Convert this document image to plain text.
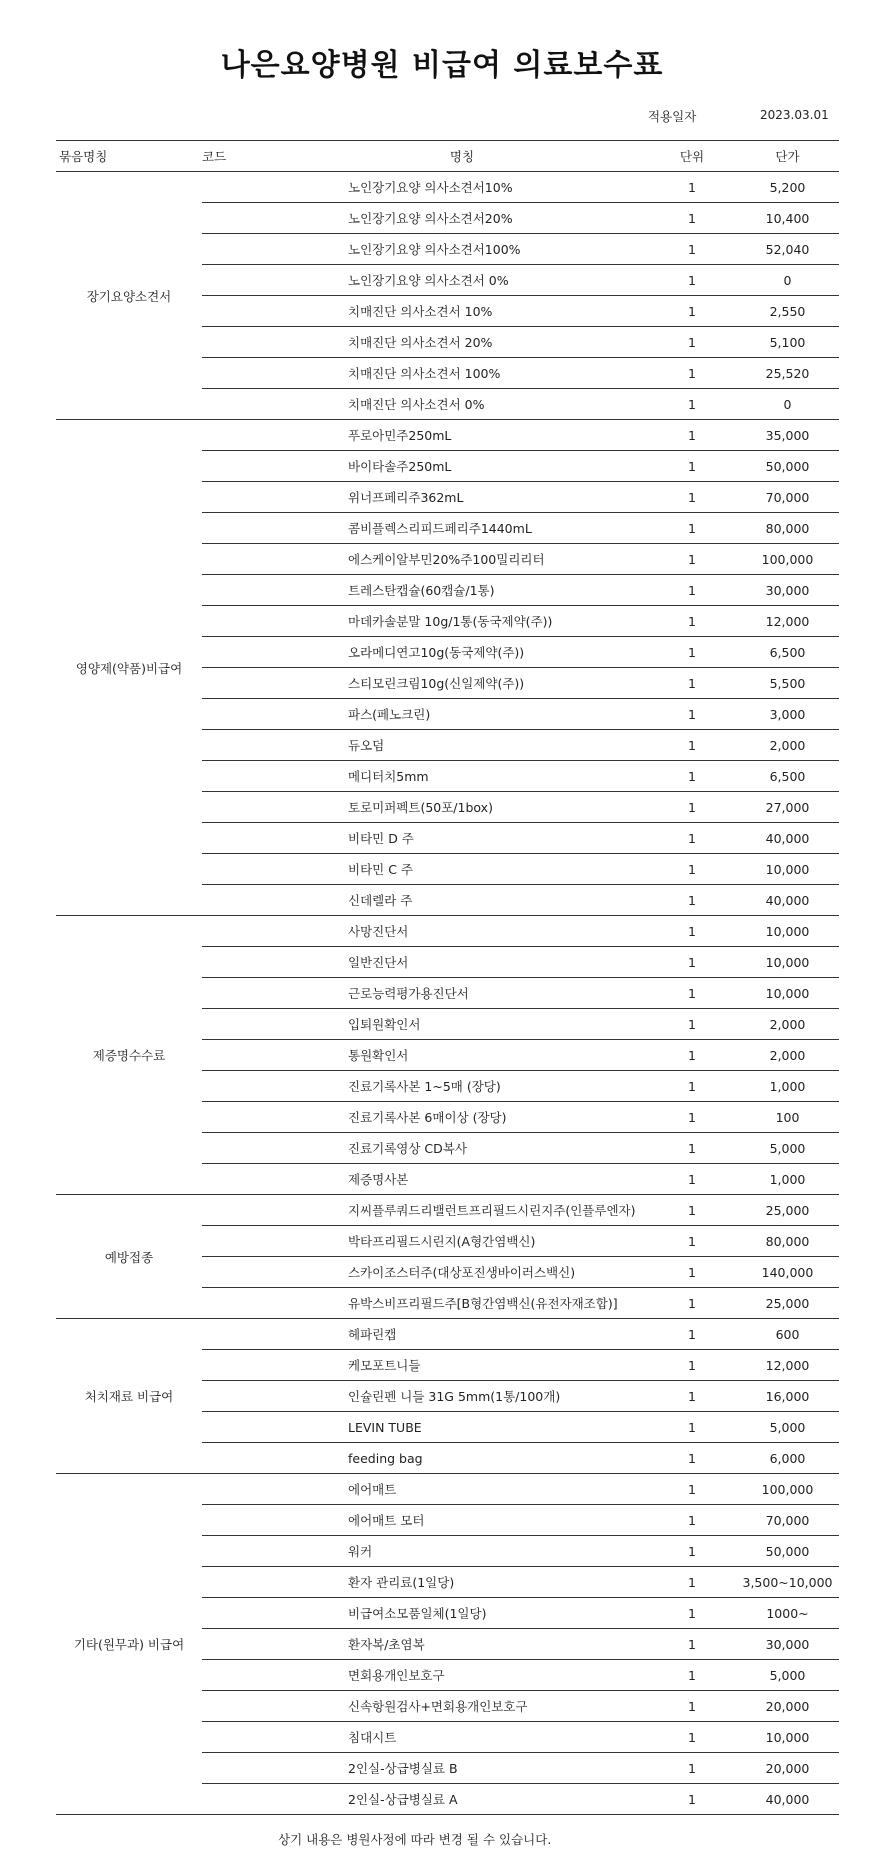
나은요양병원 비급여 의료보수표
적용일자	2023.03.01
묶음명칭	코드	명칭	단위	단가
장기요양소견서		노인장기요양 의사소견서10%	1	5,200
	노인장기요양 의사소견서20%	1	10,400
	노인장기요양 의사소견서100%	1	52,040
	노인장기요양 의사소견서 0%	1	0
	치매진단 의사소견서 10%	1	2,550
	치매진단 의사소견서 20%	1	5,100
	치매진단 의사소견서 100%	1	25,520
	치매진단 의사소견서 0%	1	0
영양제(약품)비급여		푸로아민주250mL	1	35,000
	바이타솔주250mL	1	50,000
	위너프페리주362mL	1	70,000
	콤비플렉스리피드페리주1440mL	1	80,000
	에스케이알부민20%주100밀리리터	1	100,000
	트레스탄캡슐(60캡슐/1통)	1	30,000
	마데카솔분말 10g/1통(동국제약(주))	1	12,000
	오라메디연고10g(동국제약(주))	1	6,500
	스티모린크림10g(신일제약(주))	1	5,500
	파스(페노크린)	1	3,000
	듀오덤	1	2,000
	메디터치5mm	1	6,500
	토로미퍼펙트(50포/1box)	1	27,000
	비타민 D 주	1	40,000
	비타민 C 주	1	10,000
	신데렐라 주	1	40,000
제증명수수료		사망진단서	1	10,000
	일반진단서	1	10,000
	근로능력평가용진단서	1	10,000
	입퇴원확인서	1	2,000
	통원확인서	1	2,000
	진료기록사본 1~5매 (장당)	1	1,000
	진료기록사본 6매이상 (장당)	1	100
	진료기록영상 CD복사	1	5,000
	제증명사본	1	1,000
예방접종		지씨플루쿼드리밸런트프리필드시린지주(인플루엔자)	1	25,000
	박타프리필드시린지(A형간염백신)	1	80,000
	스카이조스터주(대상포진생바이러스백신)	1	140,000
	유박스비프리필드주[B형간염백신(유전자재조합)]	1	25,000
처치재료 비급여		헤파린캡	1	600
	케모포트니들	1	12,000
	인슐린펜 니들 31G 5mm(1통/100개)	1	16,000
	LEVIN TUBE	1	5,000
	feeding bag	1	6,000
기타(원무과) 비급여		에어매트	1	100,000
	에어매트 모터	1	70,000
	워커	1	50,000
	환자 관리료(1일당)	1	3,500~10,000
	비급여소모품일체(1일당)	1	1000~
	환자복/초염복	1	30,000
	면회용개인보호구	1	5,000
	신속항원검사+면회용개인보호구	1	20,000
	침대시트	1	10,000
	2인실-상급병실료 B	1	20,000
	2인실-상급병실료 A	1	40,000
상기 내용은 병원사정에 따라 변경 될 수 있습니다.
